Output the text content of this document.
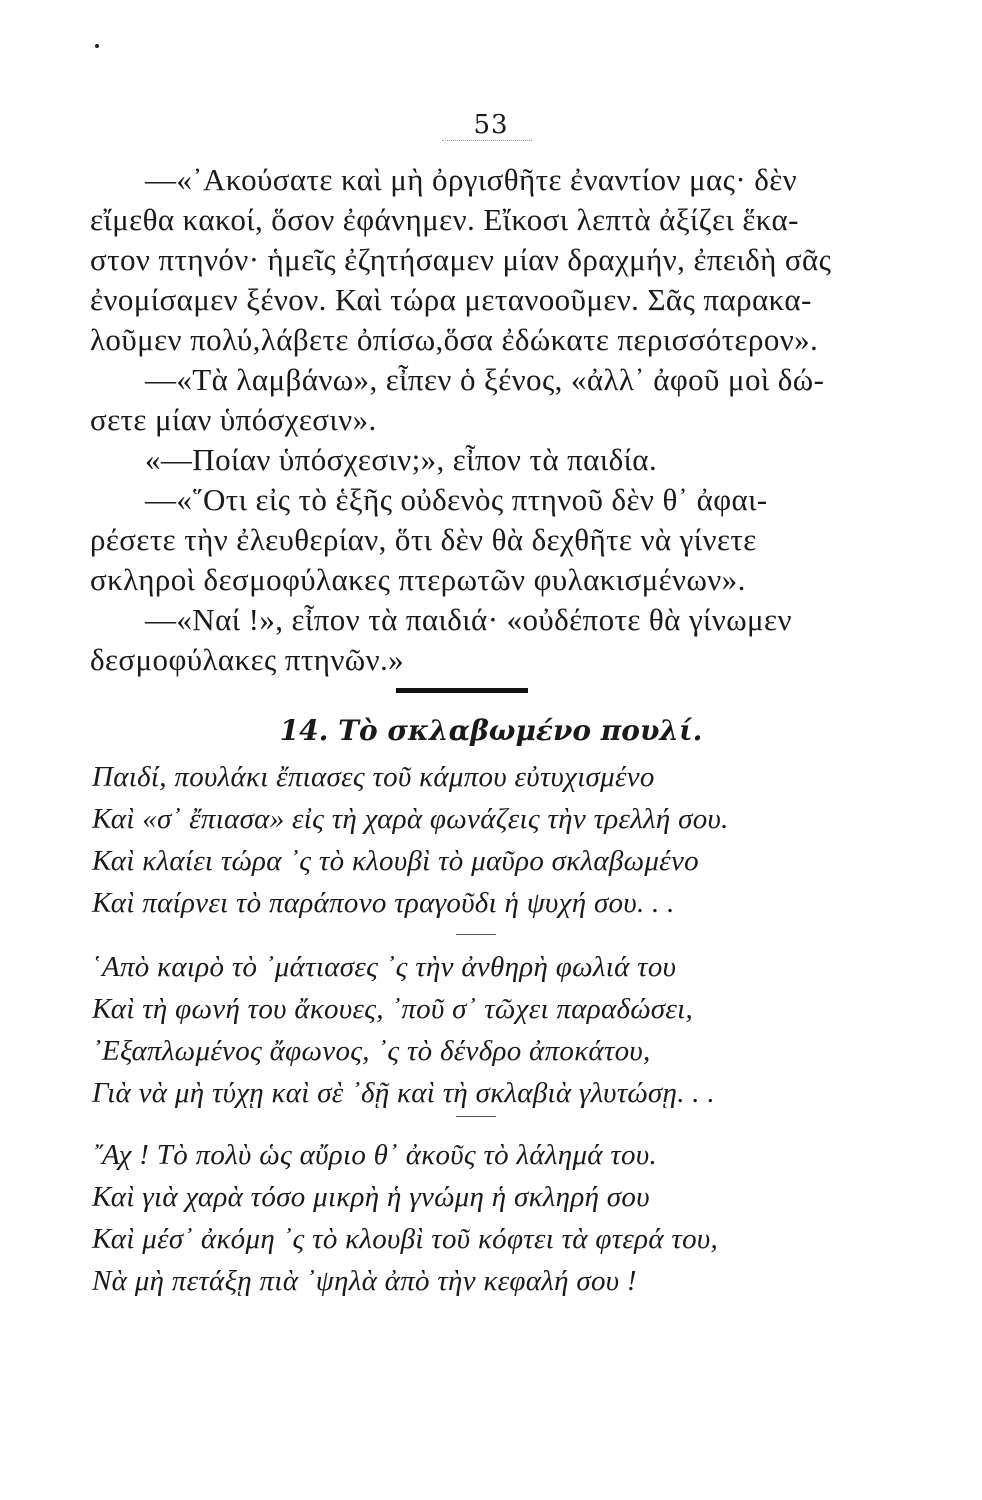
53
—«᾿Ακούσατε καὶ μὴ ὀργισθῆτε ἐναντίον μας· δὲν
εἴμεθα κακοί, ὅσον ἐφάνημεν. Εἴκοσι λεπτὰ ἀξίζει ἕκα-
στον πτηνόν· ἡμεῖς ἐζητήσαμεν μίαν δραχμήν, ἐπειδὴ σᾶς
ἐνομίσαμεν ξένον. Καὶ τώρα μετανοοῦμεν. Σᾶς παρακα-
λοῦμεν πολύ,λάβετε ὀπίσω,ὅσα ἐδώκατε περισσότερον».
—«Τὰ λαμβάνω», εἶπεν ὁ ξένος, «ἀλλ᾿ ἀφοῦ μοὶ δώ-
σετε μίαν ὑπόσχεσιν».
«—Ποίαν ὑπόσχεσιν;», εἶπον τὰ παιδία.
—«῞Οτι εἰς τὸ ἑξῆς οὐδενὸς πτηνοῦ δὲν θ᾿ ἀφαι-
ρέσετε τὴν ἐλευθερίαν, ὅτι δὲν θὰ δεχθῆτε νὰ γίνετε
σκληροὶ δεσμοφύλακες πτερωτῶν φυλακισμένων».
—«Ναί !», εἶπον τὰ παιδιά· «οὐδέποτε θὰ γίνωμεν
δεσμοφύλακες πτηνῶν.»
14. Τὸ σκλαβωμένο πουλί.
Παιδί, πουλάκι ἔπιασες τοῦ κάμπου εὐτυχισμένο
Καὶ «σ᾿ ἔπιασα» εἰς τὴ χαρὰ φωνάζεις τὴν τρελλή σου.
Καὶ κλαίει τώρα ᾿ς τὸ κλουβὶ τὸ μαῦρο σκλαβωμένο
Καὶ παίρνει τὸ παράπονο τραγοῦδι ἡ ψυχή σου. . .
῾Απὸ καιρὸ τὸ ᾿μάτιασες ᾿ς τὴν ἀνθηρὴ φωλιά του
Καὶ τὴ φωνή του ἄκουες, ᾿ποῦ σ᾿ τῶχει παραδώσει,
᾿Εξαπλωμένος ἄφωνος, ᾿ς τὸ δένδρο ἀποκάτου,
Γιὰ νὰ μὴ τύχῃ καὶ σὲ ᾿δῇ καὶ τὴ σκλαβιὰ γλυτώσῃ. . .
῎Αχ ! Τὸ πολὺ ὡς αὔριο θ᾿ ἀκοῦς τὸ λάλημά του.
Καὶ γιὰ χαρὰ τόσο μικρὴ ἡ γνώμη ἡ σκληρή σου
Καὶ μέσ᾿ ἀκόμη ᾿ς τὸ κλουβὶ τοῦ κόφτει τὰ φτερά του,
Νὰ μὴ πετάξῃ πιὰ ᾿ψηλὰ ἀπὸ τὴν κεφαλή σου !
